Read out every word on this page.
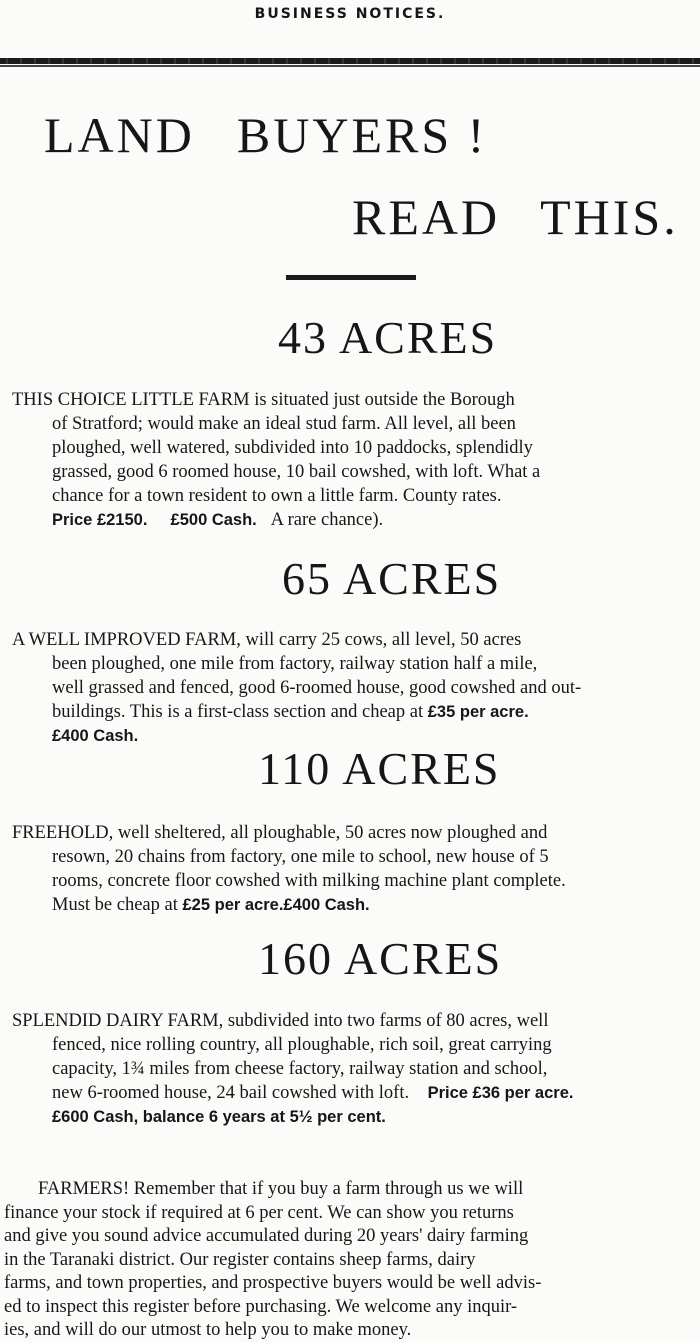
BUSINESS NOTICES.
LAND BUYERS !
READ THIS.
43 ACRES
THIS CHOICE LITTLE FARM is situated just outside the Borough
of Stratford; would make an ideal stud farm. All level, all been
ploughed, well watered, subdivided into 10 paddocks, splendidly
grassed, good 6 roomed house, 10 bail cowshed, with loft. What a
chance for a town resident to own a little farm. County rates.
Price £2150. £500 Cash. A rare chance).
65 ACRES
A WELL IMPROVED FARM, will carry 25 cows, all level, 50 acres
been ploughed, one mile from factory, railway station half a mile,
well grassed and fenced, good 6-roomed house, good cowshed and out-
buildings. This is a first-class section and cheap at £35 per acre.
£400 Cash.
110 ACRES
FREEHOLD, well sheltered, all ploughable, 50 acres now ploughed and
resown, 20 chains from factory, one mile to school, new house of 5
rooms, concrete floor cowshed with milking machine plant complete.
Must be cheap at £25 per acre.£400 Cash.
160 ACRES
SPLENDID DAIRY FARM, subdivided into two farms of 80 acres, well
fenced, nice rolling country, all ploughable, rich soil, great carrying
capacity, 1¾ miles from cheese factory, railway station and school,
new 6-roomed house, 24 bail cowshed with loft. Price £36 per acre.
£600 Cash, balance 6 years at 5½ per cent.
FARMERS! Remember that if you buy a farm through us we will
finance your stock if required at 6 per cent. We can show you returns
and give you sound advice accumulated during 20 years' dairy farming
in the Taranaki district. Our register contains sheep farms, dairy
farms, and town properties, and prospective buyers would be well advis-
ed to inspect this register before purchasing. We welcome any inquir-
ies, and will do our utmost to help you to make money.
